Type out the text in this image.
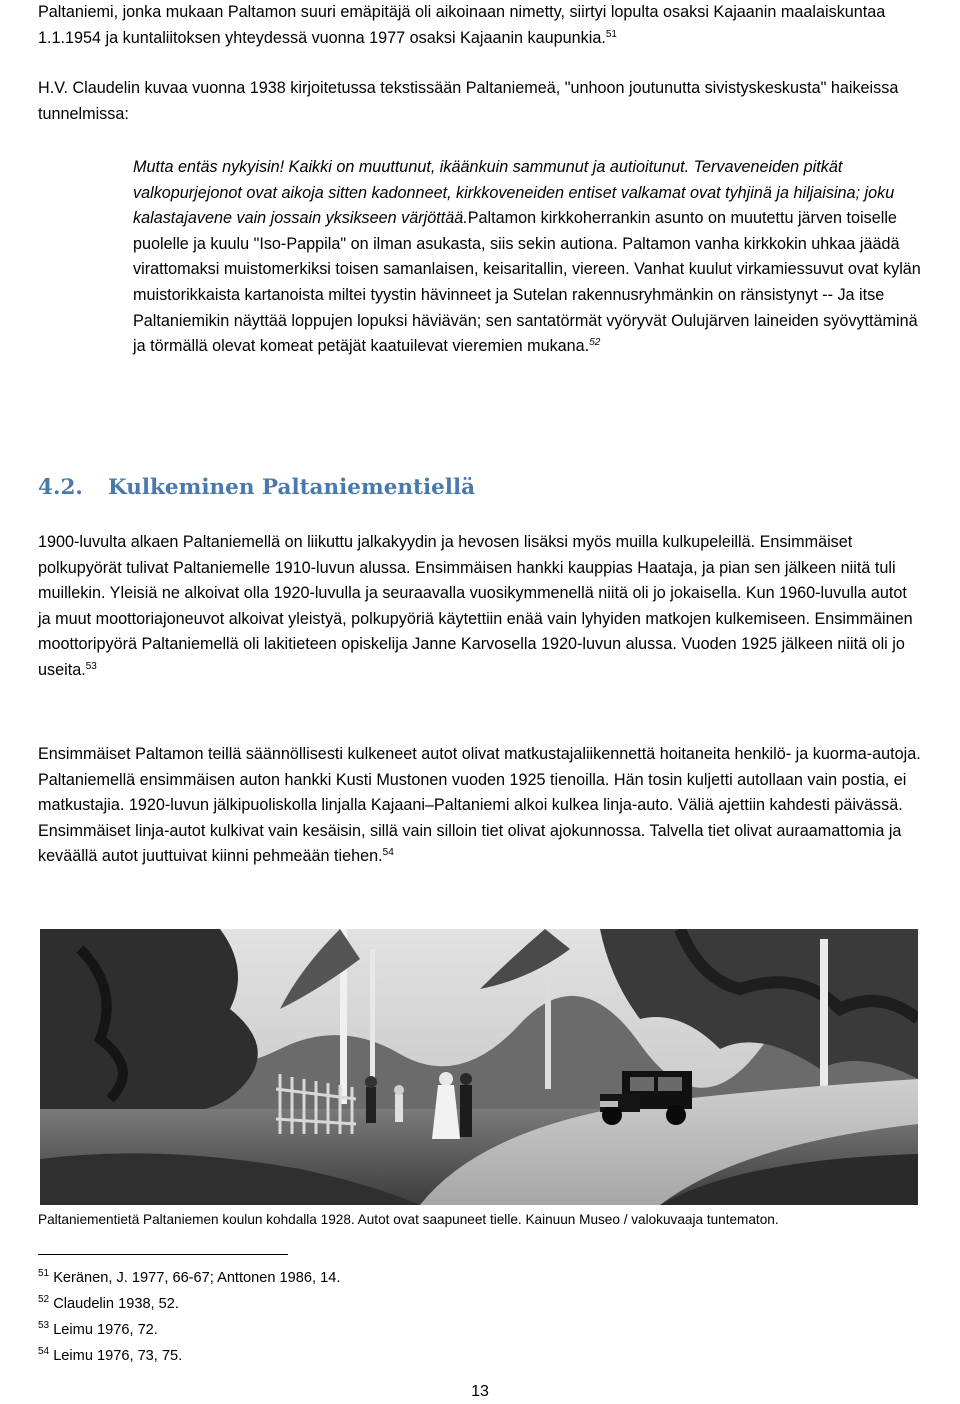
Paltaniemi, jonka mukaan Paltamon suuri emäpitäjä oli aikoinaan nimetty, siirtyi lopulta osaksi Kajaanin maalaiskuntaa 1.1.1954 ja kuntaliitoksen yhteydessä vuonna 1977 osaksi Kajaanin kaupunkia.$^{51}$

H.V. Claudelin kuvaa vuonna 1938 kirjoitetussa tekstissään Paltaniemeä, "unhoon joutunutta sivistyskeskusta" haikeissa tunnelmissa:

Mutta entäs nykyisin! Kaikki on muuttunut, ikäänkuin sammunut ja autioitunut. Tervaveneiden pitkät valkopurjejonot ovat aikoja sitten kadonneet, kirkkoveneiden entiset valkamat ovat tyhjinä ja hiljaisina; joku kalastajavene vain jossain yksikseen värjöttää.Paltamon kirkkoherrankin asunto on muutettu järven toiselle puolelle ja kuulu "Iso-Pappila" on ilman asukasta, siis sekin autiona. Paltamon vanha kirkkokin uhkaa jäädä virattomaksi muistomerkiksi toisen samanlaisen, keisaritallin, viereen. Vanhat kuulut virkamiessuvut ovat kylän muistorikkaista kartanoista miltei tyystin hävinneet ja Sutelan rakennusryhmänkin on ränsistynyt -- Ja itse Paltaniemikin näyttää loppujen lopuksi häviävän; sen santatörmät vyöryvät Oulujärven laineiden syövyttäminä ja törmällä olevat komeat petäjät kaatuilevat vieremien mukana.$^{52}$

4.2.	Kulkeminen Paltaniementiellä

1900-luvulta alkaen Paltaniemellä on liikuttu jalkakyydin ja hevosen lisäksi myös muilla kulkupeleillä. Ensimmäiset polkupyörät tulivat Paltaniemelle 1910-luvun alussa. Ensimmäisen hankki kauppias Haataja, ja pian sen jälkeen niitä tuli muillekin. Yleisiä ne alkoivat olla 1920-luvulla ja seuraavalla vuosikymmenellä niitä oli jo jokaisella. Kun 1960-luvulla autot ja muut moottoriajoneuvot alkoivat yleistyä, polkupyöriä käytettiin enää vain lyhyiden matkojen kulkemiseen. Ensimmäinen moottoripyörä Paltaniemellä oli lakitieteen opiskelija Janne Karvosella 1920-luvun alussa. Vuoden 1925 jälkeen niitä oli jo useita.$^{53}$

Ensimmäiset Paltamon teillä säännöllisesti kulkeneet autot olivat matkustajaliikennettä hoitaneita henkilö- ja kuorma-autoja. Paltaniemellä ensimmäisen auton hankki Kusti Mustonen vuoden 1925 tienoilla. Hän tosin kuljetti autollaan vain postia, ei matkustajia. 1920-luvun jälkipuoliskolla linjalla Kajaani–Paltaniemi alkoi kulkea linja-auto. Väliä ajettiin kahdesti päivässä. Ensimmäiset linja-autot kulkivat vain kesäisin, sillä vain silloin tiet olivat ajokunnossa. Talvella tiet olivat auraamattomia ja keväällä autot juuttuivat kiinni pehmeään tiehen.$^{54}$

Paltaniementietä Paltaniemen koulun kohdalla 1928. Autot ovat saapuneet tielle. Kainuun Museo / valokuvaaja tuntematon.

$^{51}$ Keränen, J. 1977, 66-67; Anttonen 1986, 14.

$^{52}$ Claudelin 1938, 52.

$^{53}$ Leimu 1976, 72.

$^{54}$ Leimu 1976, 73, 75.

13
